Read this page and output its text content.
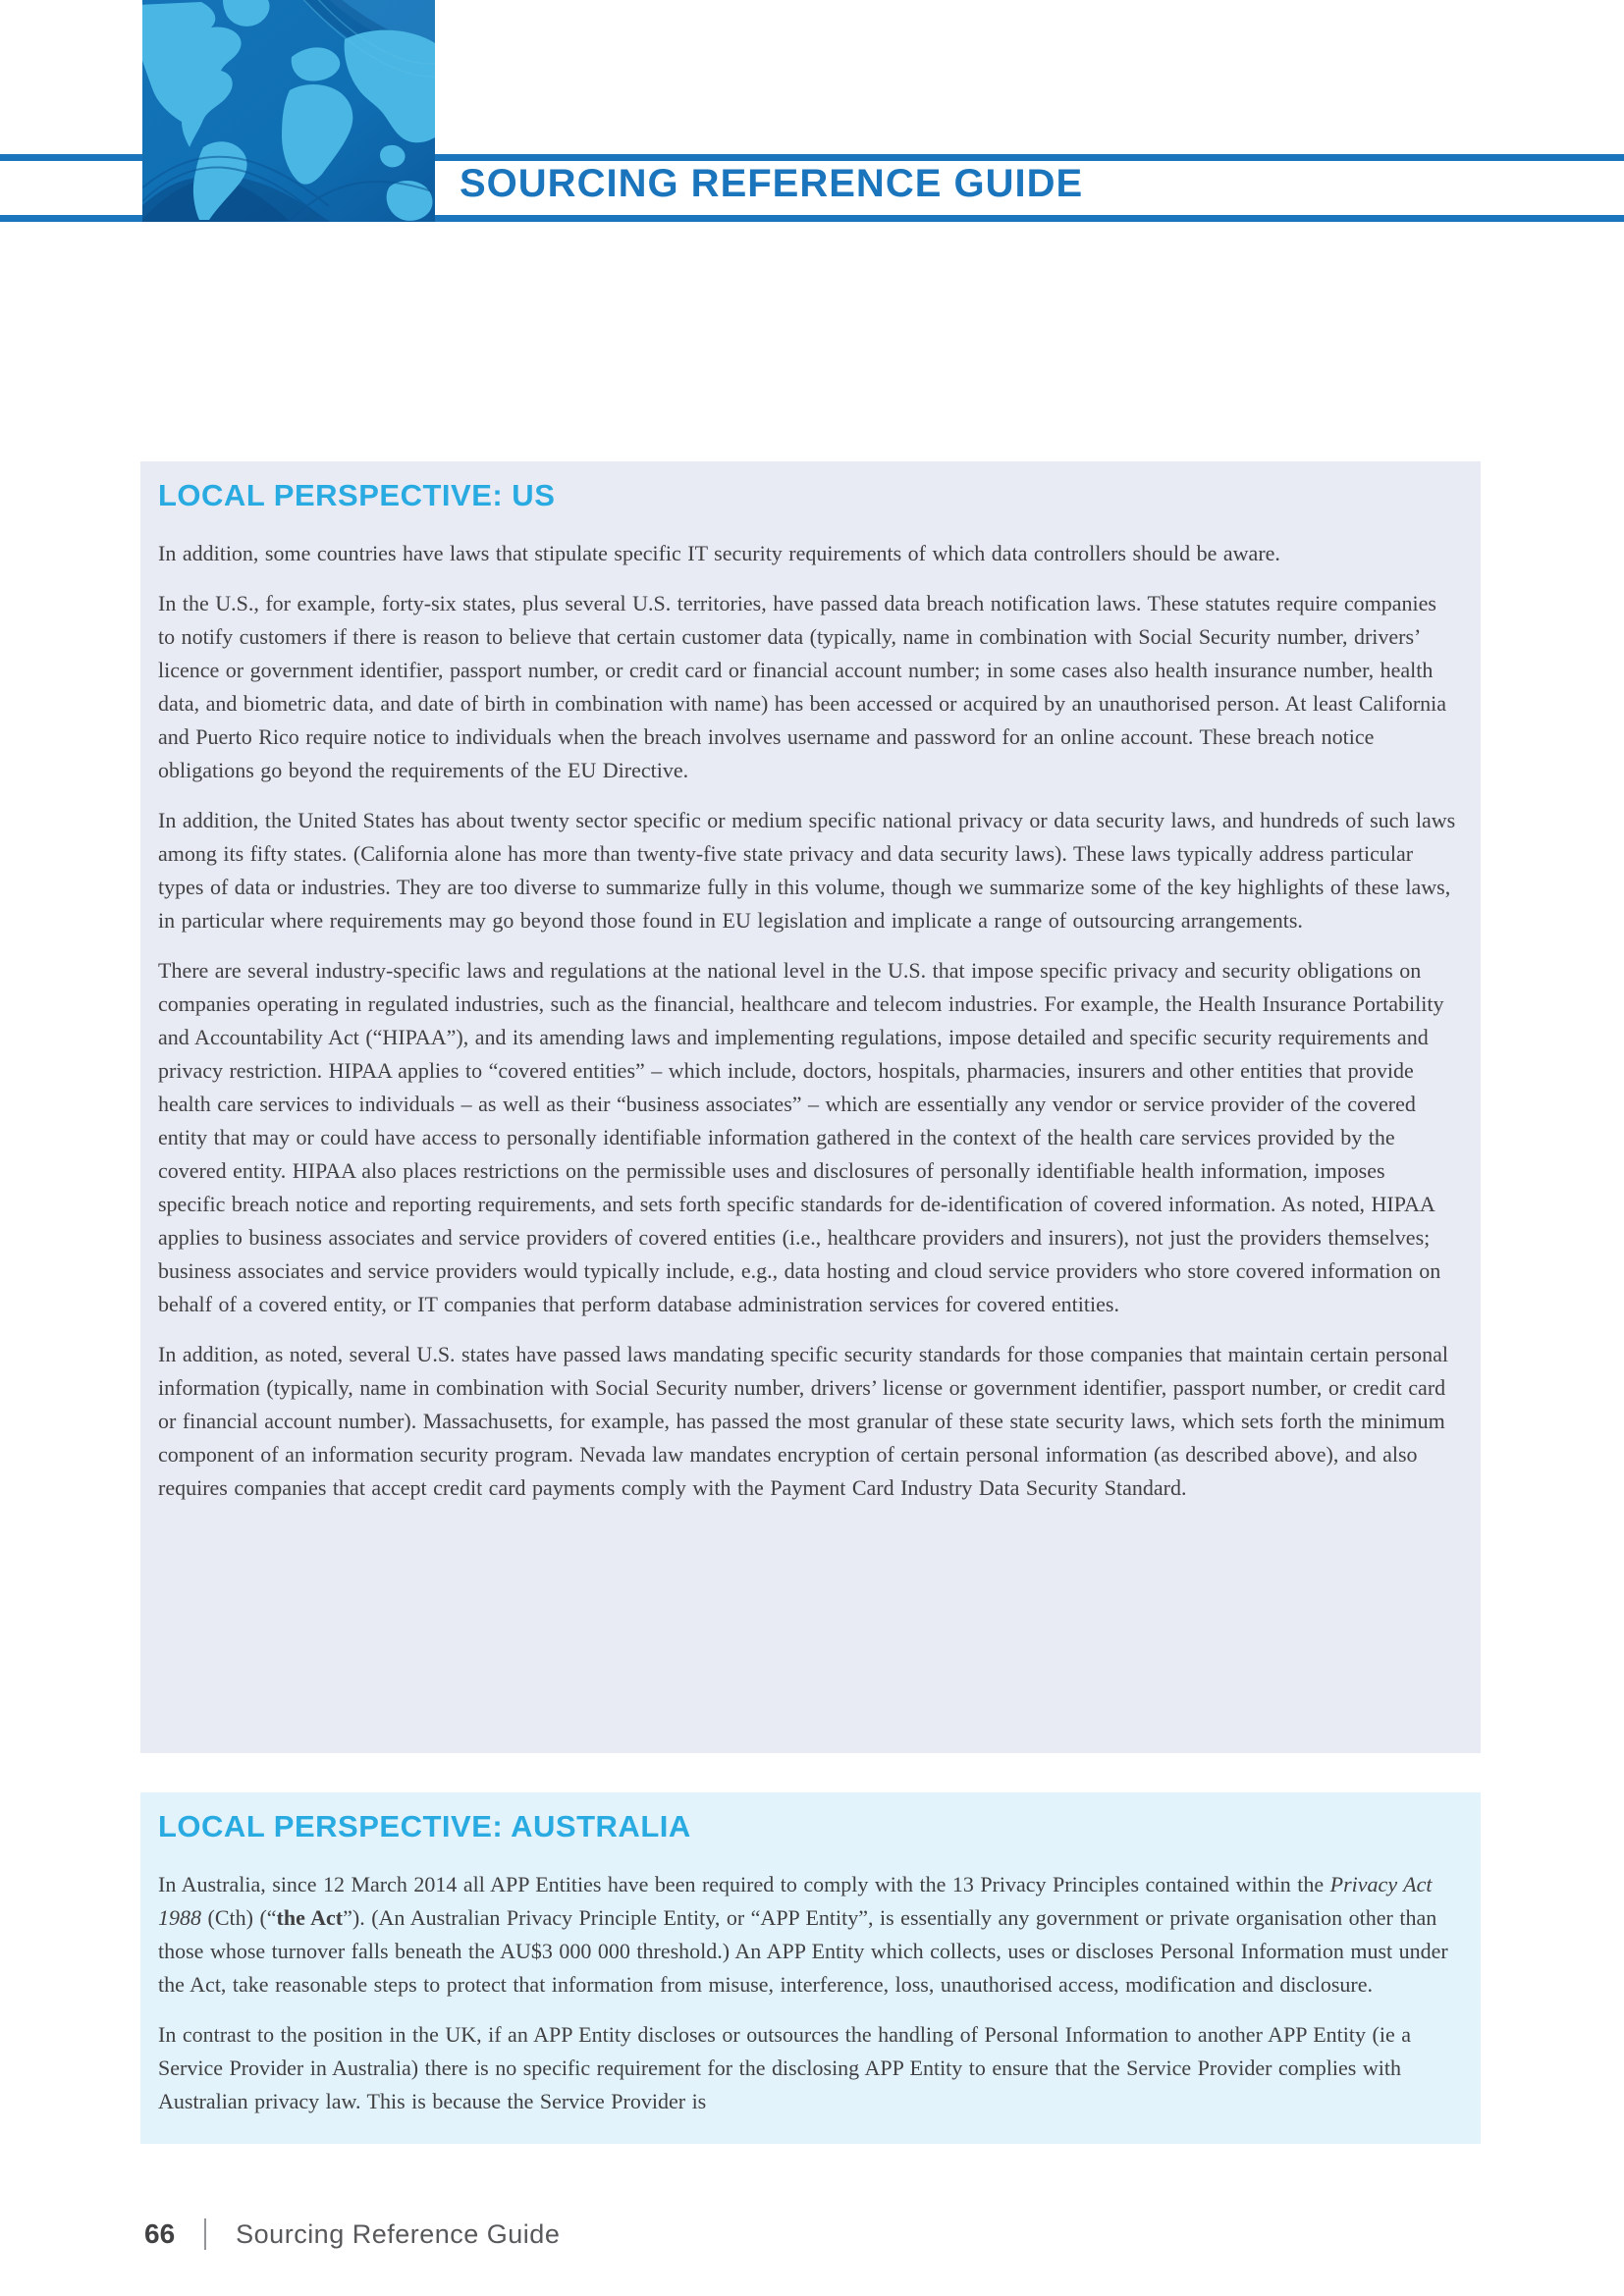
SOURCING REFERENCE GUIDE
LOCAL PERSPECTIVE: US

In addition, some countries have laws that stipulate specific IT security requirements of which data controllers should be aware.

In the U.S., for example, forty-six states, plus several U.S. territories, have passed data breach notification laws. These statutes require companies to notify customers if there is reason to believe that certain customer data (typically, name in combination with Social Security number, drivers’ licence or government identifier, passport number, or credit card or financial account number; in some cases also health insurance number, health data, and biometric data, and date of birth in combination with name) has been accessed or acquired by an unauthorised person. At least California and Puerto Rico require notice to individuals when the breach involves username and password for an online account. These breach notice obligations go beyond the requirements of the EU Directive.

In addition, the United States has about twenty sector specific or medium specific national privacy or data security laws, and hundreds of such laws among its fifty states. (California alone has more than twenty-five state privacy and data security laws). These laws typically address particular types of data or industries. They are too diverse to summarize fully in this volume, though we summarize some of the key highlights of these laws, in particular where requirements may go beyond those found in EU legislation and implicate a range of outsourcing arrangements.

There are several industry-specific laws and regulations at the national level in the U.S. that impose specific privacy and security obligations on companies operating in regulated industries, such as the financial, healthcare and telecom industries. For example, the Health Insurance Portability and Accountability Act (“HIPAA”), and its amending laws and implementing regulations, impose detailed and specific security requirements and privacy restriction. HIPAA applies to “covered entities” – which include, doctors, hospitals, pharmacies, insurers and other entities that provide health care services to individuals – as well as their “business associates” – which are essentially any vendor or service provider of the covered entity that may or could have access to personally identifiable information gathered in the context of the health care services provided by the covered entity. HIPAA also places restrictions on the permissible uses and disclosures of personally identifiable health information, imposes specific breach notice and reporting requirements, and sets forth specific standards for de-identification of covered information. As noted, HIPAA applies to business associates and service providers of covered entities (i.e., healthcare providers and insurers), not just the providers themselves; business associates and service providers would typically include, e.g., data hosting and cloud service providers who store covered information on behalf of a covered entity, or IT companies that perform database administration services for covered entities.

In addition, as noted, several U.S. states have passed laws mandating specific security standards for those companies that maintain certain personal information (typically, name in combination with Social Security number, drivers’ license or government identifier, passport number, or credit card or financial account number). Massachusetts, for example, has passed the most granular of these state security laws, which sets forth the minimum component of an information security program. Nevada law mandates encryption of certain personal information (as described above), and also requires companies that accept credit card payments comply with the Payment Card Industry Data Security Standard.

LOCAL PERSPECTIVE: AUSTRALIA

In Australia, since 12 March 2014 all APP Entities have been required to comply with the 13 Privacy Principles contained within the Privacy Act 1988 (Cth) (“the Act”). (An Australian Privacy Principle Entity, or “APP Entity”, is essentially any government or private organisation other than those whose turnover falls beneath the AU$3 000 000 threshold.) An APP Entity which collects, uses or discloses Personal Information must under the Act, take reasonable steps to protect that information from misuse, interference, loss, unauthorised access, modification and disclosure.

In contrast to the position in the UK, if an APP Entity discloses or outsources the handling of Personal Information to another APP Entity (ie a Service Provider in Australia) there is no specific requirement for the disclosing APP Entity to ensure that the Service Provider complies with Australian privacy law. This is because the Service Provider is

66 Sourcing Reference Guide
